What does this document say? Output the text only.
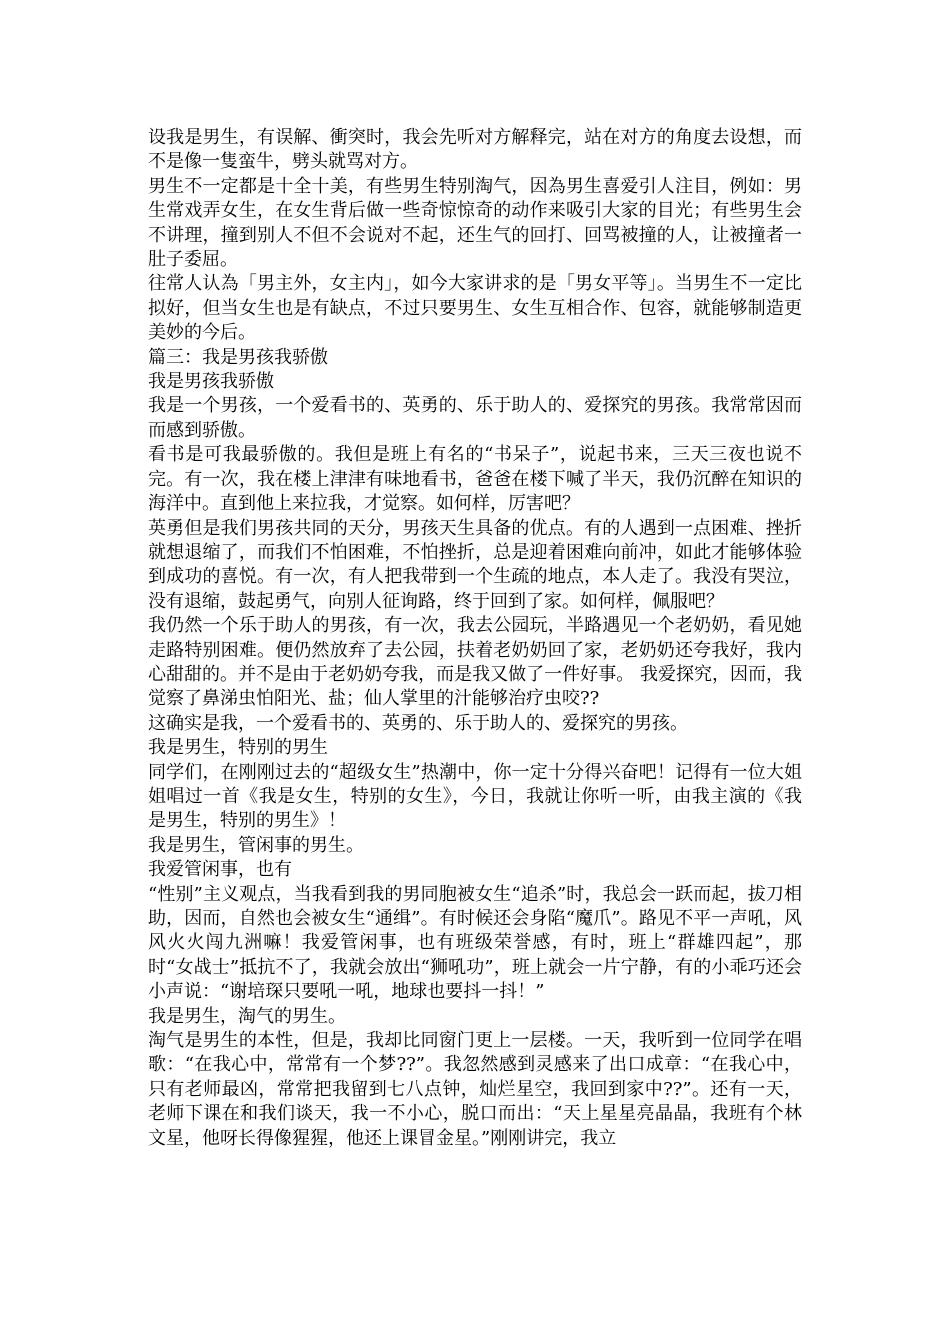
设我是男生，有误解、衝突时，我会先听对方解释完，站在对方的角度去设想，而不是像一隻蛮牛，劈头就骂对方。

男生不一定都是十全十美，有些男生特别淘气，因為男生喜爱引人注目，例如：男生常戏弄女生，在女生背后做一些奇惊惊奇的动作来吸引大家的目光；有些男生会不讲理，撞到别人不但不会说对不起，还生气的回打、回骂被撞的人，让被撞者一肚子委屈。

往常人认為「男主外，女主内」，如今大家讲求的是「男女平等」。当男生不一定比拟好，但当女生也是有缺点，不过只要男生、女生互相合作、包容，就能够制造更美妙的今后。

篇三：我是男孩我骄傲

我是男孩我骄傲

我是一个男孩，一个爱看书的、英勇的、乐于助人的、爱探究的男孩。我常常因而而感到骄傲。

看书是可我最骄傲的。我但是班上有名的“书呆子”，说起书来，三天三夜也说不完。有一次，我在楼上津津有味地看书，爸爸在楼下喊了半天，我仍沉醉在知识的海洋中。直到他上来拉我，才觉察。如何样，厉害吧？

英勇但是我们男孩共同的天分，男孩天生具备的优点。有的人遇到一点困难、挫折就想退缩了，而我们不怕困难，不怕挫折，总是迎着困难向前冲，如此才能够体验到成功的喜悦。有一次，有人把我带到一个生疏的地点，本人走了。我没有哭泣，没有退缩，鼓起勇气，向别人征询路，终于回到了家。如何样，佩服吧？

我仍然一个乐于助人的男孩，有一次，我去公园玩，半路遇见一个老奶奶，看见她走路特别困难。便仍然放弃了去公园，扶着老奶奶回了家，老奶奶还夸我好，我内心甜甜的。并不是由于老奶奶夸我，而是我又做了一件好事。 我爱探究，因而，我觉察了鼻涕虫怕阳光、盐；仙人掌里的汁能够治疗虫咬??

这确实是我，一个爱看书的、英勇的、乐于助人的、爱探究的男孩。

我是男生，特别的男生

同学们，在刚刚过去的“超级女生”热潮中，你一定十分得兴奋吧！记得有一位大姐姐唱过一首《我是女生，特别的女生》，今日，我就让你听一听，由我主演的《我是男生，特别的男生》！

我是男生，管闲事的男生。

我爱管闲事，也有

“性别”主义观点，当我看到我的男同胞被女生“追杀”时，我总会一跃而起，拔刀相助，因而，自然也会被女生“通缉”。有时候还会身陷“魔爪”。路见不平一声吼，风风火火闯九洲嘛！我爱管闲事，也有班级荣誉感，有时，班上“群雄四起”，那时“女战士”抵抗不了，我就会放出“狮吼功”，班上就会一片宁静，有的小乖巧还会小声说：“谢培琛只要吼一吼，地球也要抖一抖！”

我是男生，淘气的男生。

淘气是男生的本性，但是，我却比同窗门更上一层楼。一天，我听到一位同学在唱歌：“在我心中，常常有一个梦??”。我忽然感到灵感来了出口成章：“在我心中，只有老师最凶，常常把我留到七八点钟，灿烂星空，我回到家中??”。还有一天，老师下课在和我们谈天，我一不小心，脱口而出：“天上星星亮晶晶，我班有个林文星，他呀长得像猩猩，他还上课冒金星。”刚刚讲完，我立
